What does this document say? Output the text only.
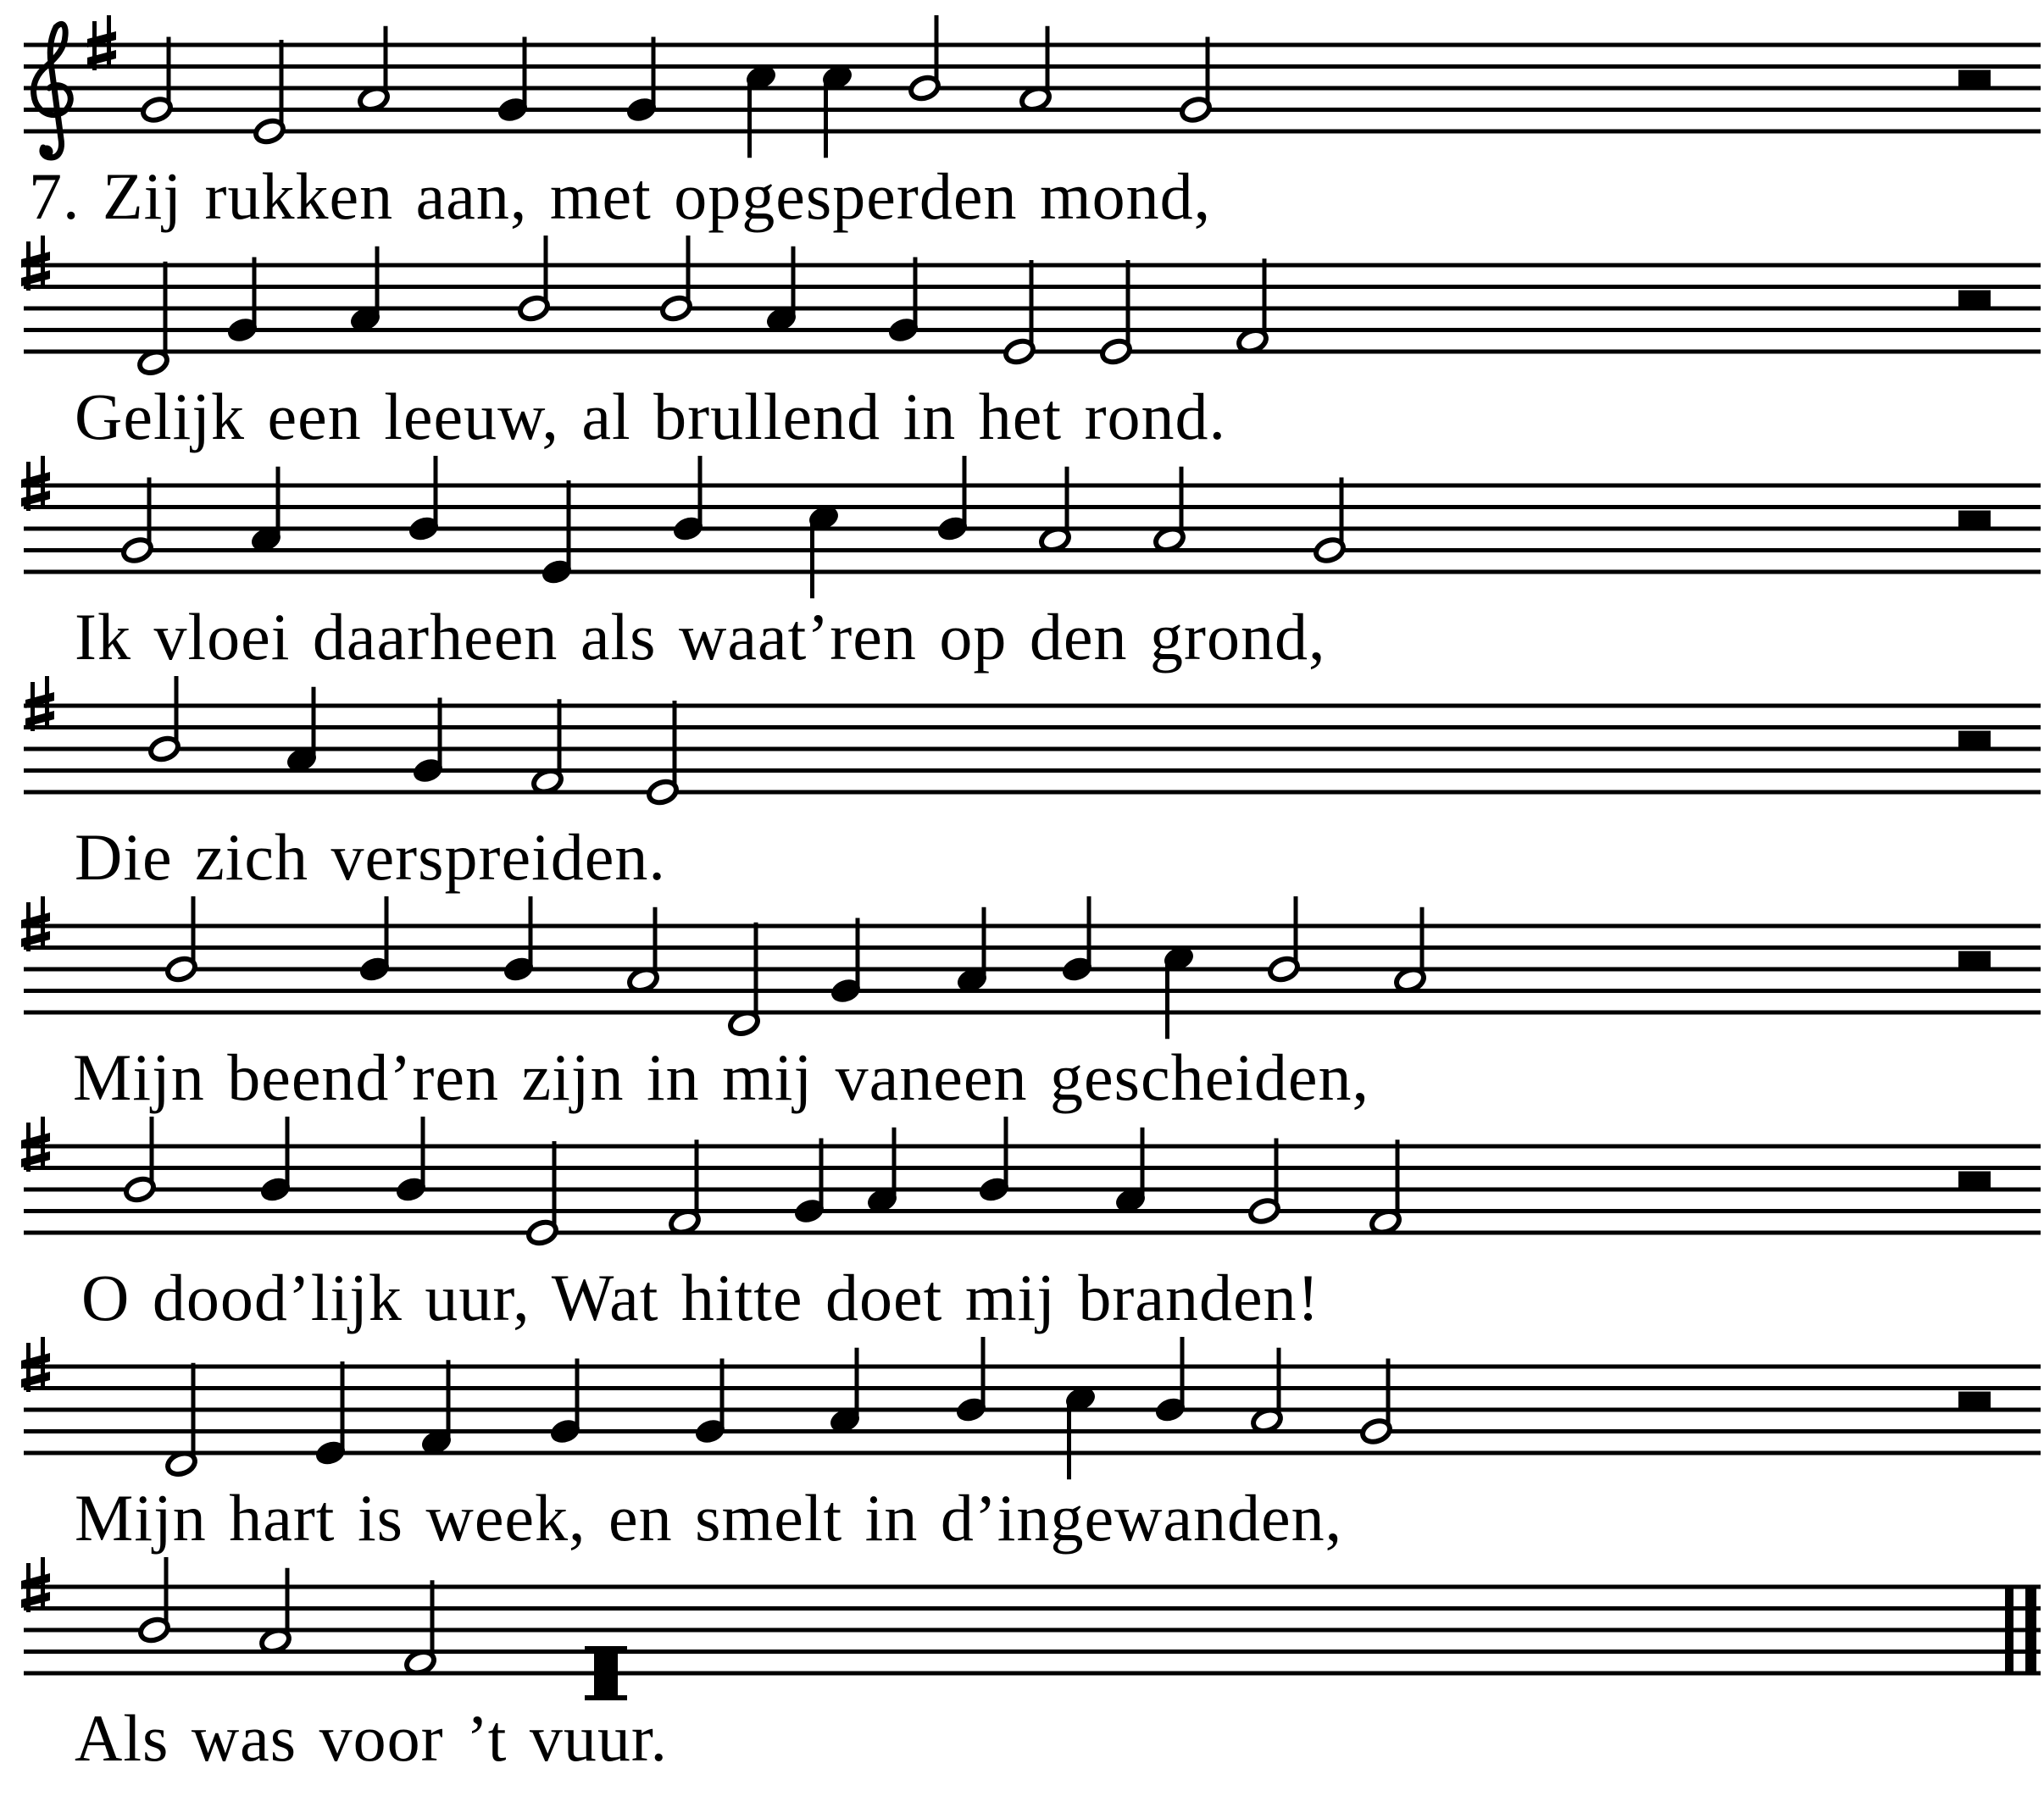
7. Zij rukken aan, met opgesperden mond,
Gelijk een leeuw, al brullend in het rond.
Ik vloei daarheen als waat’ren op den grond,
Die zich verspreiden.
Mijn beend’ren zijn in mij vaneen gescheiden,
O dood’lijk uur, Wat hitte doet mij branden!
Mijn hart is week, en smelt in d’ingewanden,
Als was voor ’t vuur.
